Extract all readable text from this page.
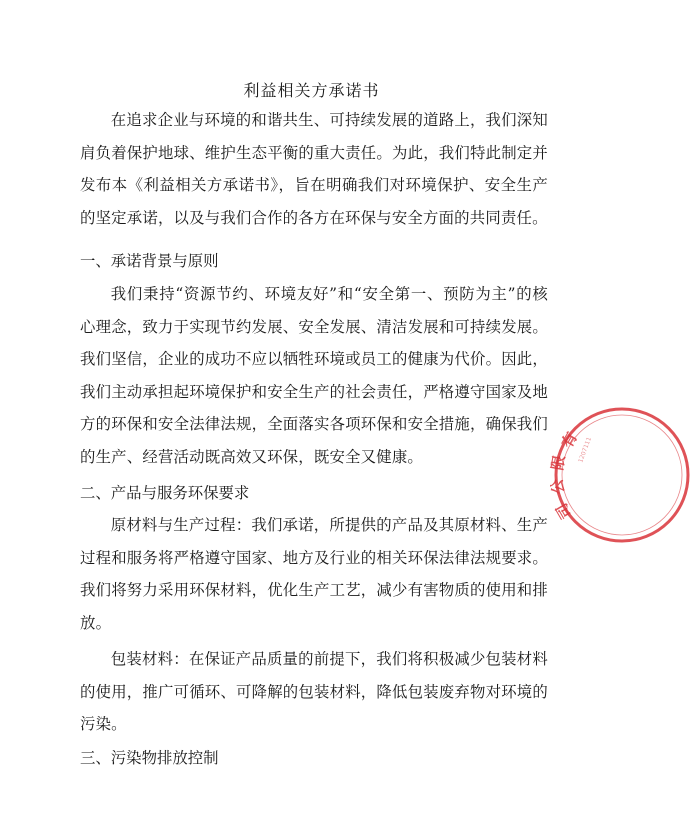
利益相关方承诺书

在追求企业与环境的和谐共生、可持续发展的道路上，我们深知肩负着保护地球、维护生态平衡的重大责任。为此，我们特此制定并发布本《利益相关方承诺书》，旨在明确我们对环境保护、安全生产的坚定承诺，以及与我们合作的各方在环保与安全方面的共同责任。

一、承诺背景与原则

我们秉持“资源节约、环境友好”和“安全第一、预防为主”的核心理念，致力于实现节约发展、安全发展、清洁发展和可持续发展。我们坚信，企业的成功不应以牺牲环境或员工的健康为代价。因此，我们主动承担起环境保护和安全生产的社会责任，严格遵守国家及地方的环保和安全法律法规，全面落实各项环保和安全措施，确保我们的生产、经营活动既高效又环保，既安全又健康。

二、产品与服务环保要求

原材料与生产过程：我们承诺，所提供的产品及其原材料、生产过程和服务将严格遵守国家、地方及行业的相关环保法律法规要求。我们将努力采用环保材料，优化生产工艺，减少有害物质的使用和排放。

包装材料：在保证产品质量的前提下，我们将积极减少包装材料的使用，推广可循环、可降解的包装材料，降低包装废弃物对环境的污染。

三、污染物排放控制
有
限
公
司
1207111
